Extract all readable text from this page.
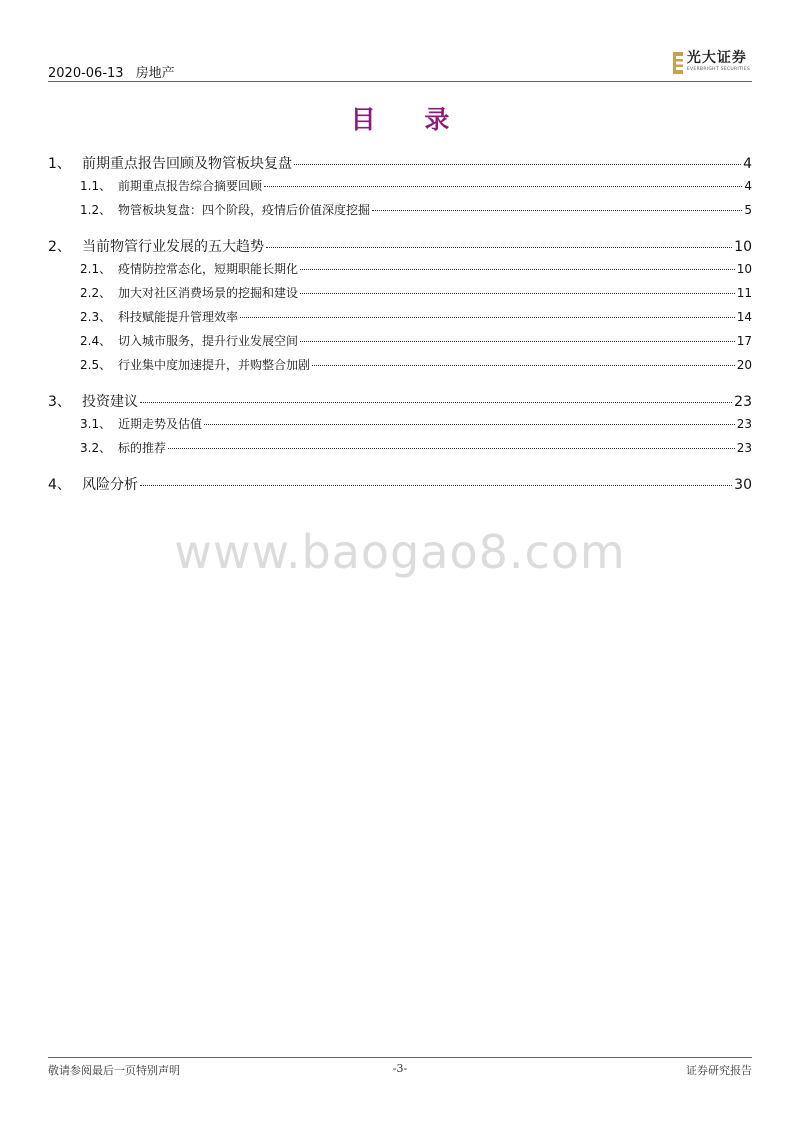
2020-06-13 房地产
光大证券
EVERBRIGHT SECURITIES
目 录
1、 前期重点报告回顾及物管板块复盘	4
1.1、 前期重点报告综合摘要回顾	4
1.2、 物管板块复盘：四个阶段，疫情后价值深度挖掘	5
2、 当前物管行业发展的五大趋势	10
2.1、 疫情防控常态化，短期职能长期化	10
2.2、 加大对社区消费场景的挖掘和建设	11
2.3、 科技赋能提升管理效率	14
2.4、 切入城市服务，提升行业发展空间	17
2.5、 行业集中度加速提升，并购整合加剧	20
3、 投资建议	23
3.1、 近期走势及估值	23
3.2、 标的推荐	23
4、 风险分析	30
www.baogao8.com
敬请参阅最后一页特别声明	-3-	证券研究报告
